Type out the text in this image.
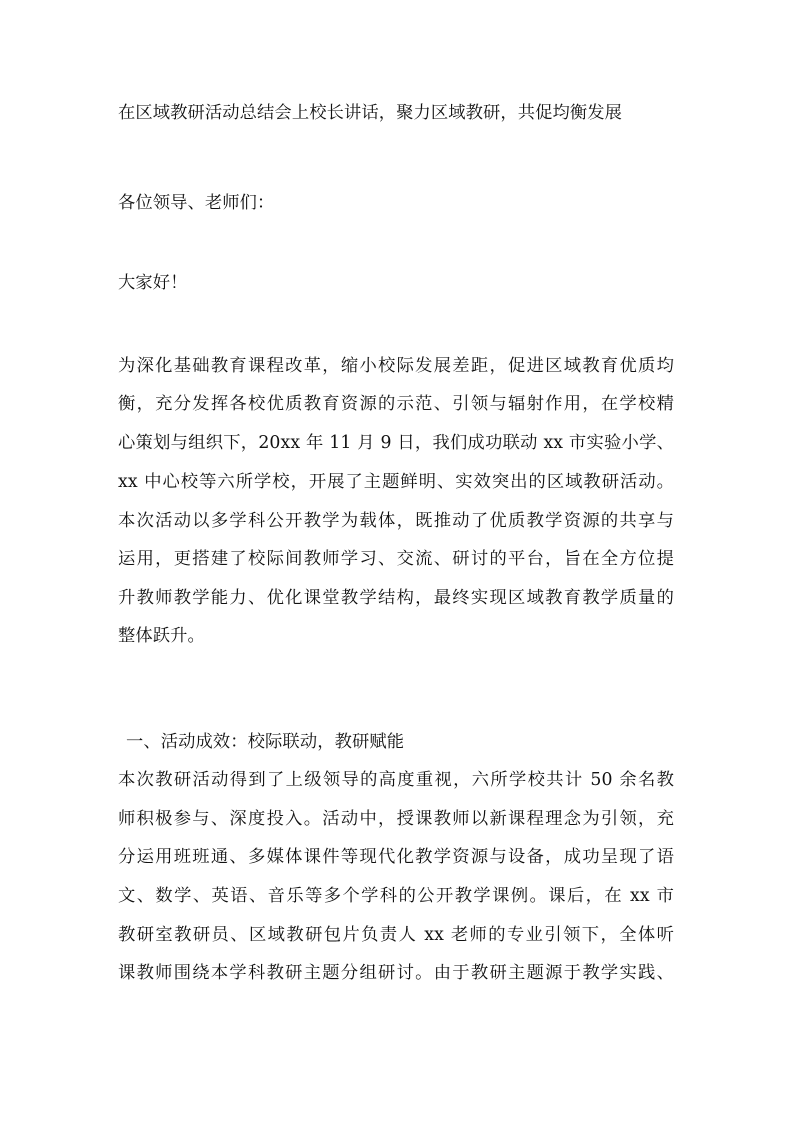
在区域教研活动总结会上校长讲话，聚力区域教研，共促均衡发展
各位领导、老师们：
大家好！
为深化基础教育课程改革，缩小校际发展差距，促进区域教育优质均
衡，充分发挥各校优质教育资源的示范、引领与辐射作用，在学校精
心策划与组织下，20xx 年 11 月 9 日，我们成功联动 xx 市实验小学、
xx 中心校等六所学校，开展了主题鲜明、实效突出的区域教研活动。
本次活动以多学科公开教学为载体，既推动了优质教学资源的共享与
运用，更搭建了校际间教师学习、交流、研讨的平台，旨在全方位提
升教师教学能力、优化课堂教学结构，最终实现区域教育教学质量的
整体跃升。
一、活动成效：校际联动，教研赋能
本次教研活动得到了上级领导的高度重视，六所学校共计 50 余名教
师积极参与、深度投入。活动中，授课教师以新课程理念为引领，充
分运用班班通、多媒体课件等现代化教学资源与设备，成功呈现了语
文、数学、英语、音乐等多个学科的公开教学课例。课后，在 xx 市
教研室教研员、区域教研包片负责人 xx 老师的专业引领下，全体听
课教师围绕本学科教研主题分组研讨。由于教研主题源于教学实践、
